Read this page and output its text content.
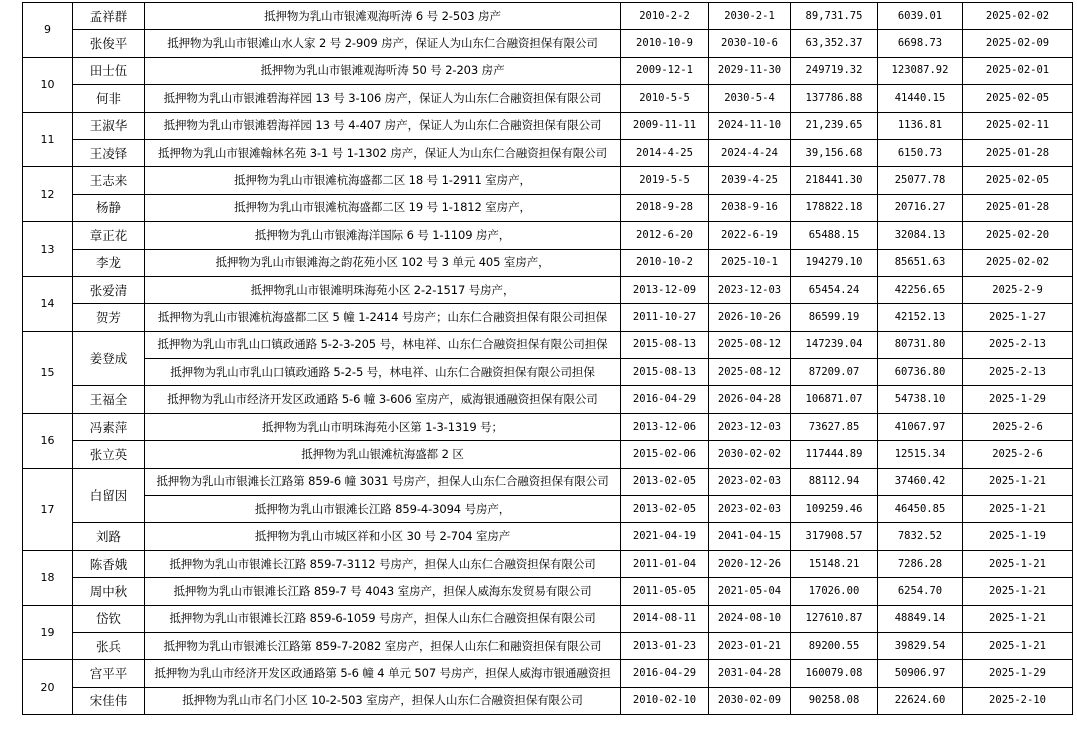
9	孟祥群	抵押物为乳山市银滩观海听涛 6 号 2-503 房产	2010-2-2	2030-2-1	89,731.75	6039.01	2025-02-02
	张俊平	抵押物为乳山市银滩山水人家 2 号 2-909 房产，保证人为山东仁合融资担保有限公司	2010-10-9	2030-10-6	63,352.37	6698.73	2025-02-09
10	田士伍	抵押物为乳山市银滩观海听涛 50 号 2-203 房产	2009-12-1	2029-11-30	249719.32	123087.92	2025-02-01
	何非	抵押物为乳山市银滩碧海祥园 13 号 3-106 房产，保证人为山东仁合融资担保有限公司	2010-5-5	2030-5-4	137786.88	41440.15	2025-02-05
11	王淑华	抵押物为乳山市银滩碧海祥园 13 号 4-407 房产，保证人为山东仁合融资担保有限公司	2009-11-11	2024-11-10	21,239.65	1136.81	2025-02-11
	王凌铎	抵押物为乳山市银滩翰林名苑 3-1 号 1-1302 房产，保证人为山东仁合融资担保有限公司	2014-4-25	2024-4-24	39,156.68	6150.73	2025-01-28
12	王志来	抵押物为乳山市银滩杭海盛都二区 18 号 1-2911 室房产，	2019-5-5	2039-4-25	218441.30	25077.78	2025-02-05
	杨静	抵押物为乳山市银滩杭海盛都二区 19 号 1-1812 室房产，	2018-9-28	2038-9-16	178822.18	20716.27	2025-01-28
13	章正花	抵押物为乳山市银滩海洋国际 6 号 1-1109 房产，	2012-6-20	2022-6-19	65488.15	32084.13	2025-02-20
	李龙	抵押物为乳山市银滩海之韵花苑小区 102 号 3 单元 405 室房产，	2010-10-2	2025-10-1	194279.10	85651.63	2025-02-02
14	张爱清	抵押物乳山市银滩明珠海苑小区 2-2-1517 号房产，	2013-12-09	2023-12-03	65454.24	42256.65	2025-2-9
	贺芳	抵押物为乳山市银滩杭海盛都二区 5 幢 1-2414 号房产；山东仁合融资担保有限公司担保	2011-10-27	2026-10-26	86599.19	42152.13	2025-1-27
15	姜登成	抵押物为乳山市乳山口镇政通路 5-2-3-205 号，林电祥、山东仁合融资担保有限公司担保	2015-08-13	2025-08-12	147239.04	80731.80	2025-2-13
		抵押物为乳山市乳山口镇政通路 5-2-5 号，林电祥、山东仁合融资担保有限公司担保	2015-08-13	2025-08-12	87209.07	60736.80	2025-2-13
	王福全	抵押物为乳山市经济开发区政通路 5-6 幢 3-606 室房产，威海银通融资担保有限公司	2016-04-29	2026-04-28	106871.07	54738.10	2025-1-29
16	冯素萍	抵押物为乳山市明珠海苑小区第 1-3-1319 号；	2013-12-06	2023-12-03	73627.85	41067.97	2025-2-6
	张立英	抵押物为乳山银滩杭海盛都 2 区	2015-02-06	2030-02-02	117444.89	12515.34	2025-2-6
17	白留因	抵押物为乳山市银滩长江路第 859-6 幢 3031 号房产，担保人山东仁合融资担保有限公司	2013-02-05	2023-02-03	88112.94	37460.42	2025-1-21
		抵押物为乳山市银滩长江路 859-4-3094 号房产，	2013-02-05	2023-02-03	109259.46	46450.85	2025-1-21
	刘路	抵押物为乳山市城区祥和小区 30 号 2-704 室房产	2021-04-19	2041-04-15	317908.57	7832.52	2025-1-19
18	陈香娥	抵押物为乳山市银滩长江路 859-7-3112 号房产，担保人山东仁合融资担保有限公司	2011-01-04	2020-12-26	15148.21	7286.28	2025-1-21
	周中秋	抵押物为乳山市银滩长江路 859-7 号 4043 室房产，担保人威海东发贸易有限公司	2011-05-05	2021-05-04	17026.00	6254.70	2025-1-21
19	岱钦	抵押物为乳山市银滩长江路 859-6-1059 号房产，担保人山东仁合融资担保有限公司	2014-08-11	2024-08-10	127610.87	48849.14	2025-1-21
	张兵	抵押物为乳山市银滩长江路第 859-7-2082 室房产，担保人山东仁和融资担保有限公司	2013-01-23	2023-01-21	89200.55	39829.54	2025-1-21
20	宫平平	抵押物为乳山市经济开发区政通路第 5-6 幢 4 单元 507 号房产，担保人威海市银通融资担	2016-04-29	2031-04-28	160079.08	50906.97	2025-1-29
	宋佳伟	抵押物为乳山市名门小区 10-2-503 室房产，担保人山东仁合融资担保有限公司	2010-02-10	2030-02-09	90258.08	22624.60	2025-2-10
